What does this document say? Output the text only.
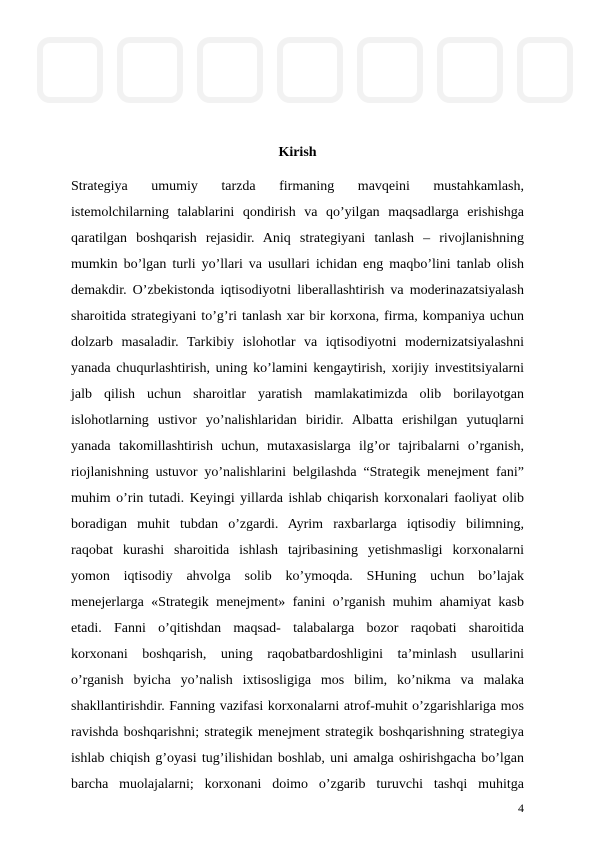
Kirish
Strategiya umumiy tarzda firmaning mavqeini mustahkamlash,
istemolchilarning talablarini qondirish va qo’yilgan maqsadlarga erishishga
qaratilgan boshqarish rejasidir. Aniq strategiyani tanlash – rivojlanishning
mumkin bo’lgan turli yo’llari va usullari ichidan eng maqbo’lini tanlab olish
demakdir. O’zbekistonda iqtisodiyotni liberallashtirish va moderinazatsiyalash
sharoitida strategiyani to’g’ri tanlash xar bir korxona, firma, kompaniya uchun
dolzarb masaladir. Tarkibiy islohotlar va iqtisodiyotni modernizatsiyalashni
yanada chuqurlashtirish, uning ko’lamini kengaytirish, xorijiy investitsiyalarni
jalb qilish uchun sharoitlar yaratish mamlakatimizda olib borilayotgan
islohotlarning ustivor yo’nalishlaridan biridir. Albatta erishilgan yutuqlarni
yanada takomillashtirish uchun, mutaxasislarga ilg’or tajribalarni o’rganish,
riojlanishning ustuvor yo’nalishlarini belgilashda “Strategik menejment fani”
muhim o’rin tutadi. Keyingi yillarda ishlab chiqarish korxonalari faoliyat olib
boradigan muhit tubdan o’zgardi. Ayrim raxbarlarga iqtisodiy bilimning,
raqobat kurashi sharoitida ishlash tajribasining yetishmasligi korxonalarni
yomon iqtisodiy ahvolga solib ko’ymoqda. SHuning uchun bo’lajak
menejerlarga «Strategik menejment» fanini o’rganish muhim ahamiyat kasb
etadi. Fanni o’qitishdan maqsad- talabalarga bozor raqobati sharoitida
korxonani boshqarish, uning raqobatbardoshligini ta’minlash usullarini
o’rganish byicha yo’nalish ixtisosligiga mos bilim, ko’nikma va malaka
shakllantirishdir. Fanning vazifasi korxonalarni atrof-muhit o’zgarishlariga mos
ravishda boshqarishni; strategik menejment strategik boshqarishning strategiya
ishlab chiqish g’oyasi tug’ilishidan boshlab, uni amalga oshirishgacha bo’lgan
barcha muolajalarni; korxonani doimo o’zgarib turuvchi tashqi muhitga
4
